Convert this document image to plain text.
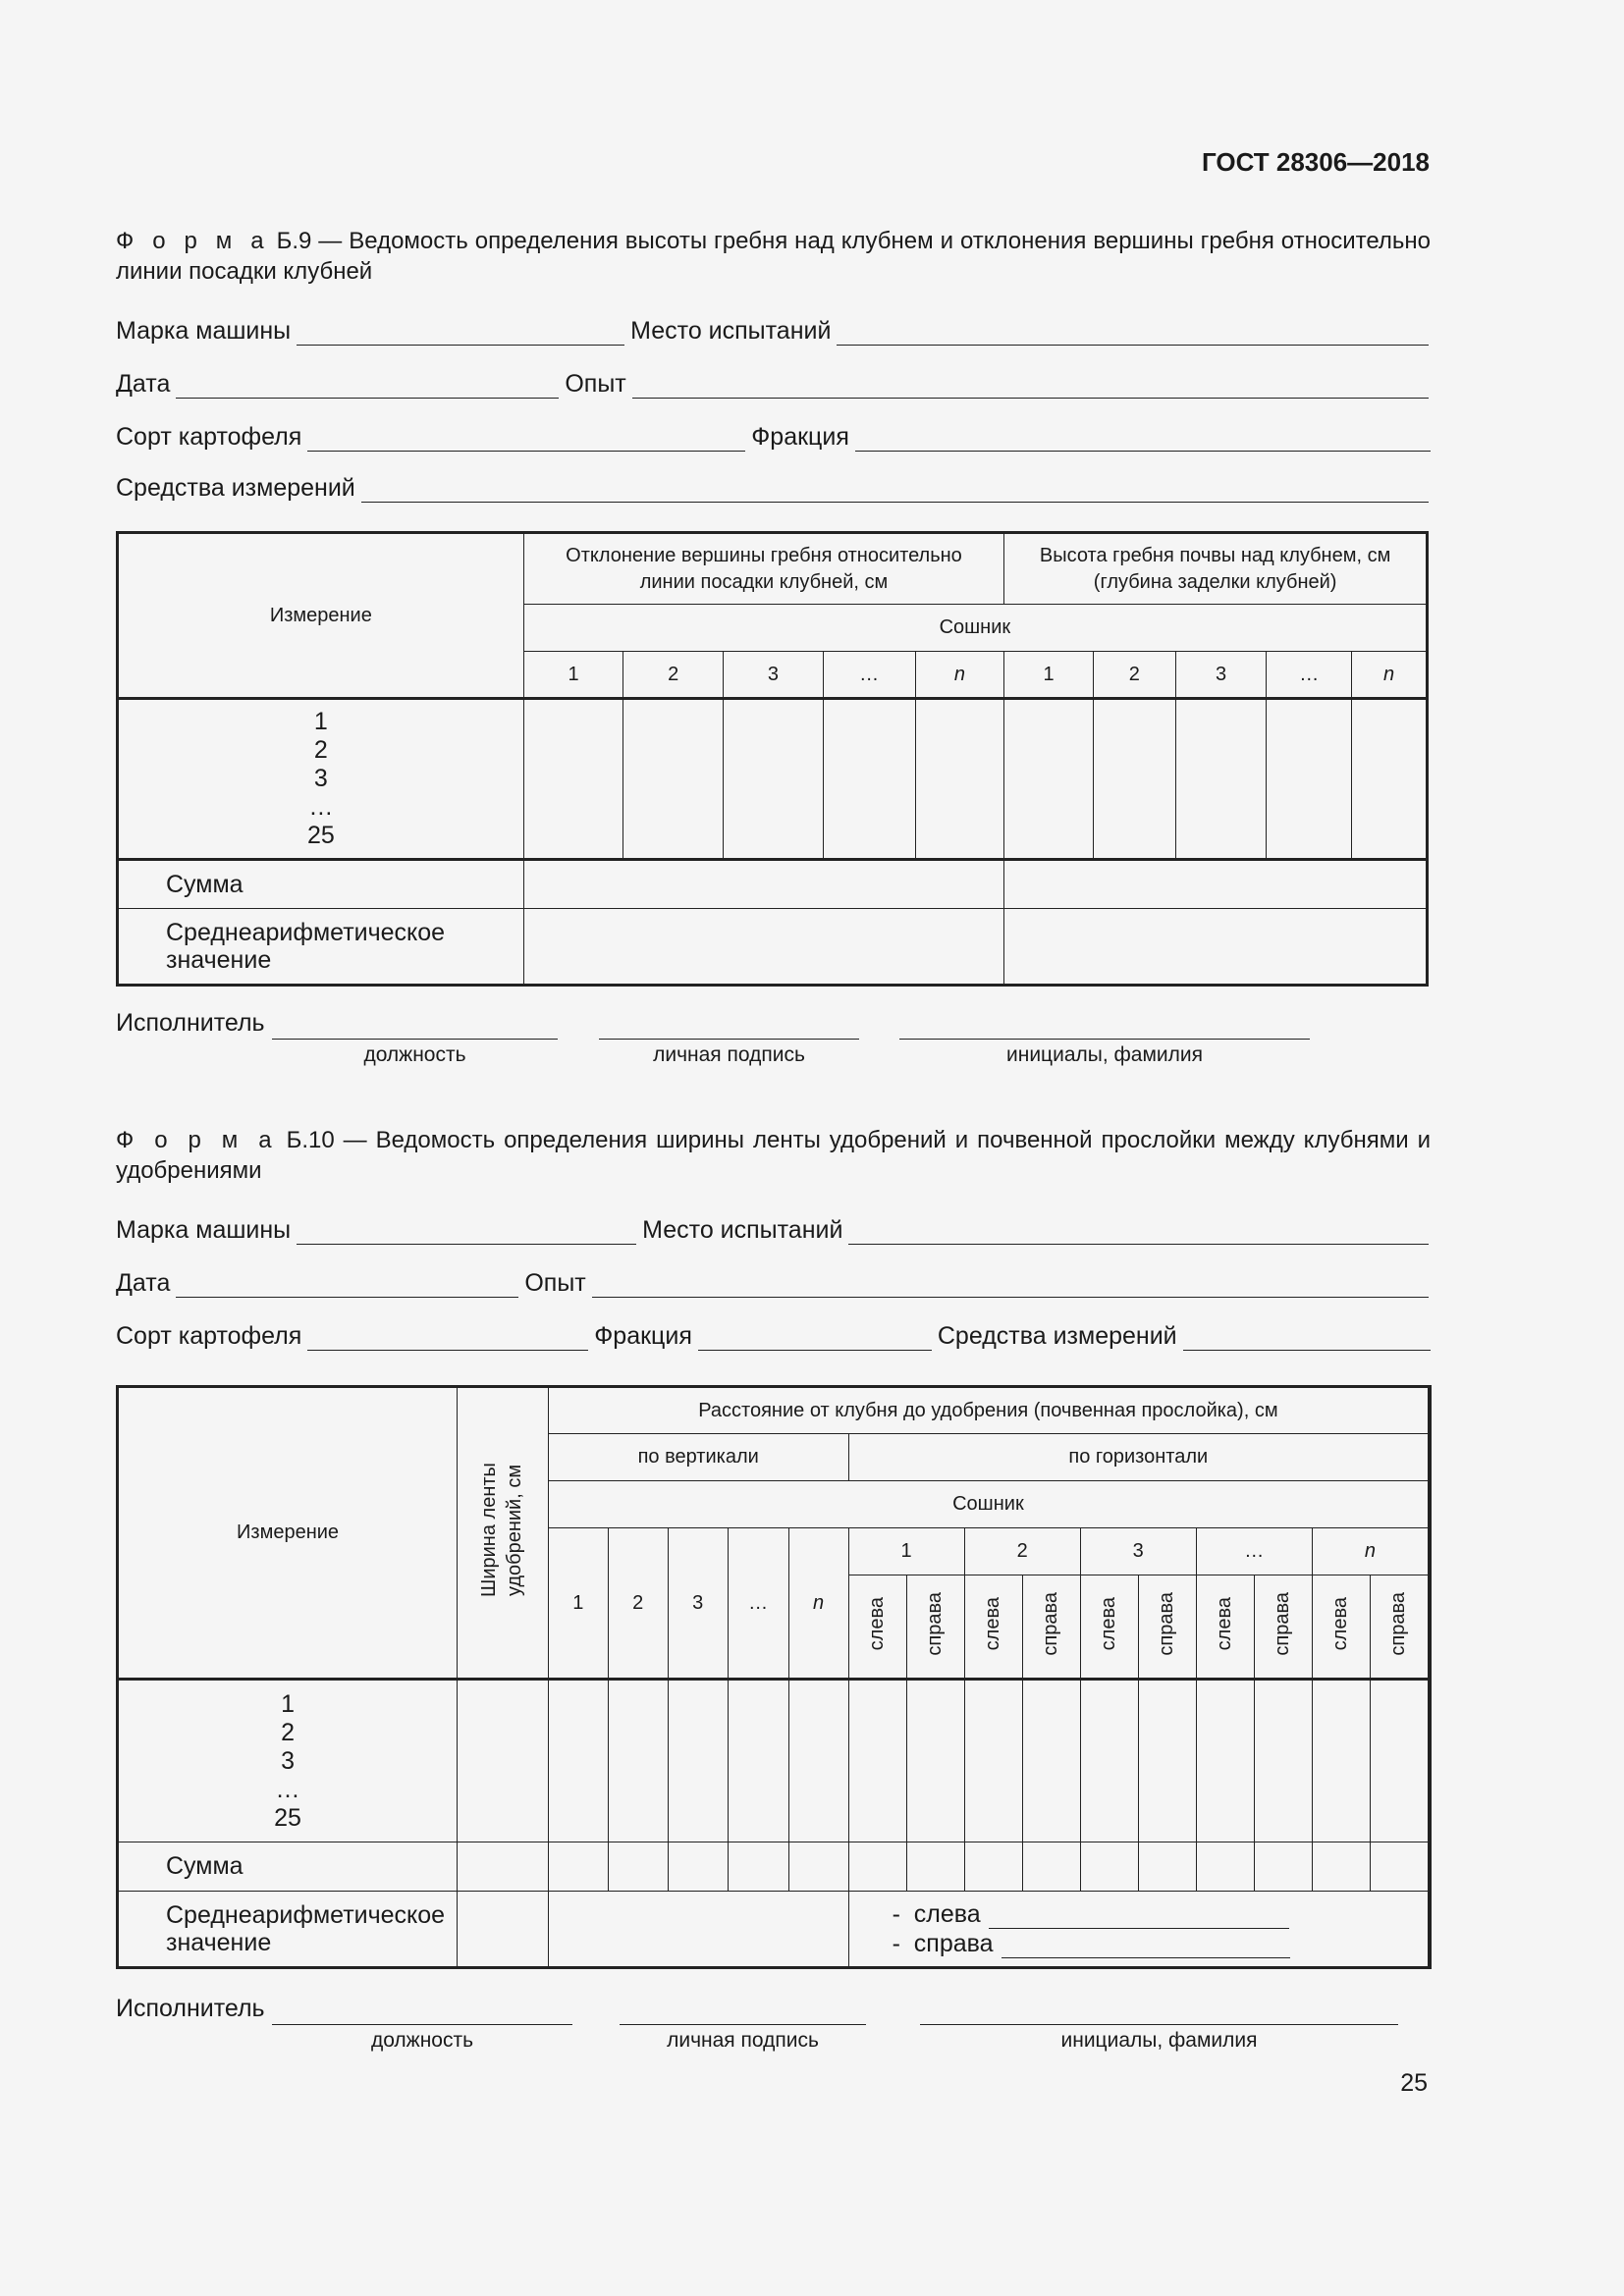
ГОСТ 28306—2018
Ф о р м а Б.9 — Ведомость определения высоты гребня над клубнем и отклонения вершины гребня относительно линии посадки клубней
Марка машины	Место испытаний
Дата	Опыт
Сорт картофеля	Фракция
Средства измерений
Измерение	Отклонение вершины гребня относительно линии посадки клубней, см					Высота гребня почвы над клубнем, см (глубина заделки клубней)				
	Сошник									
	1	2	3	…	n	1	2	3	…	n

1
2
3
…
25										

Сумма										
Среднеарифметическое значение										
Исполнитель
должность	личная подпись	инициалы, фамилия
Ф о р м а Б.10 — Ведомость определения ширины ленты удобрений и почвенной прослойки между клубнями и удобрениями
Марка машины	Место испытаний
Дата	Опыт
Сорт картофеля	Фракция	Средства измерений
Измерение	Ширина ленты удобрений, см	Расстояние от клубня до удобрения (почвенная прослойка), см															
		по вертикали					по горизонтали										
		Сошник															
		1	2	3	…	n	1		2		3		…		n		
							слева	справа	слева	справа	слева	справа	слева	справа	слева	справа	

1
2
3
…
25																	

Сумма																	
Среднеарифметическое значение							-  слева
-  справа										
Исполнитель
должность	личная подпись	инициалы, фамилия
25
